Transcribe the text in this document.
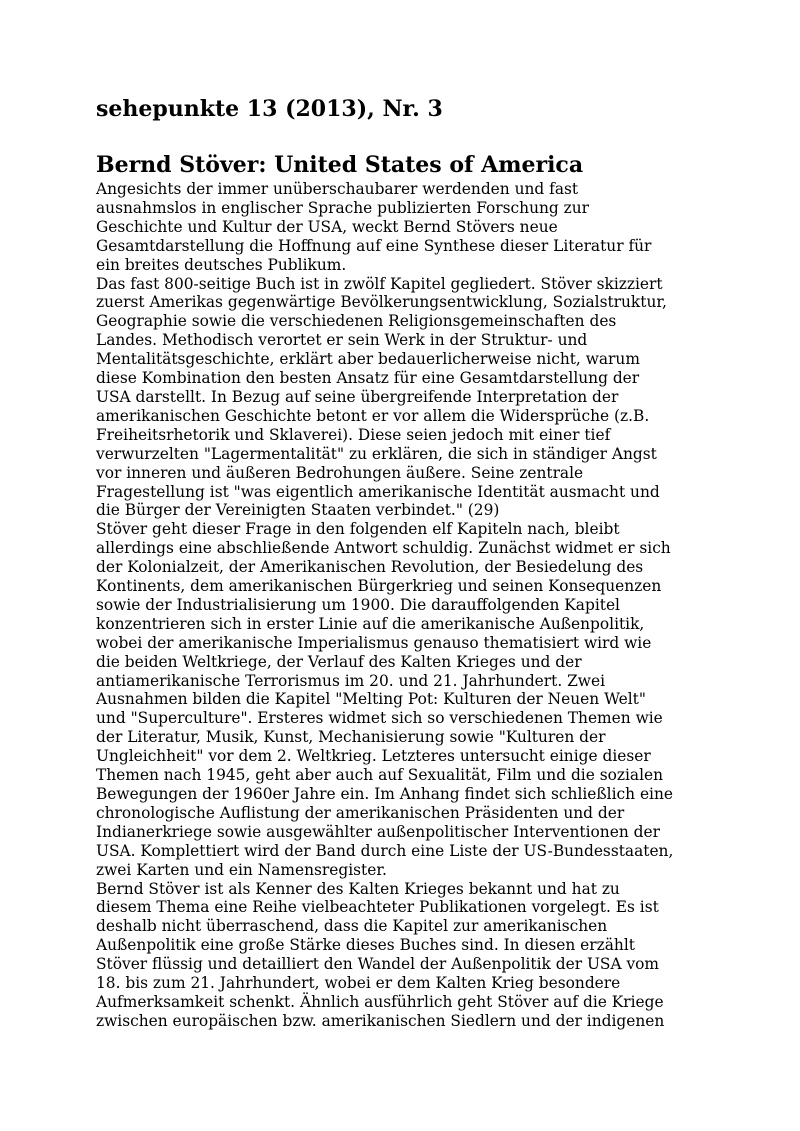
sehepunkte 13 (2013), Nr. 3
Bernd Stöver: United States of America

Angesichts der immer unüberschaubarer werdenden und fast
ausnahmslos in englischer Sprache publizierten Forschung zur
Geschichte und Kultur der USA, weckt Bernd Stövers neue
Gesamtdarstellung die Hoffnung auf eine Synthese dieser Literatur für
ein breites deutsches Publikum.

Das fast 800-seitige Buch ist in zwölf Kapitel gegliedert. Stöver skizziert
zuerst Amerikas gegenwärtige Bevölkerungsentwicklung, Sozialstruktur,
Geographie sowie die verschiedenen Religionsgemeinschaften des
Landes. Methodisch verortet er sein Werk in der Struktur- und
Mentalitätsgeschichte, erklärt aber bedauerlicherweise nicht, warum
diese Kombination den besten Ansatz für eine Gesamtdarstellung der
USA darstellt. In Bezug auf seine übergreifende Interpretation der
amerikanischen Geschichte betont er vor allem die Widersprüche (z.B.
Freiheitsrhetorik und Sklaverei). Diese seien jedoch mit einer tief
verwurzelten "Lagermentalität" zu erklären, die sich in ständiger Angst
vor inneren und äußeren Bedrohungen äußere. Seine zentrale
Fragestellung ist "was eigentlich amerikanische Identität ausmacht und
die Bürger der Vereinigten Staaten verbindet." (29)

Stöver geht dieser Frage in den folgenden elf Kapiteln nach, bleibt
allerdings eine abschließende Antwort schuldig. Zunächst widmet er sich
der Kolonialzeit, der Amerikanischen Revolution, der Besiedelung des
Kontinents, dem amerikanischen Bürgerkrieg und seinen Konsequenzen
sowie der Industrialisierung um 1900. Die darauffolgenden Kapitel
konzentrieren sich in erster Linie auf die amerikanische Außenpolitik,
wobei der amerikanische Imperialismus genauso thematisiert wird wie
die beiden Weltkriege, der Verlauf des Kalten Krieges und der
antiamerikanische Terrorismus im 20. und 21. Jahrhundert. Zwei
Ausnahmen bilden die Kapitel "Melting Pot: Kulturen der Neuen Welt"
und "Superculture". Ersteres widmet sich so verschiedenen Themen wie
der Literatur, Musik, Kunst, Mechanisierung sowie "Kulturen der
Ungleichheit" vor dem 2. Weltkrieg. Letzteres untersucht einige dieser
Themen nach 1945, geht aber auch auf Sexualität, Film und die sozialen
Bewegungen der 1960er Jahre ein. Im Anhang findet sich schließlich eine
chronologische Auflistung der amerikanischen Präsidenten und der
Indianerkriege sowie ausgewählter außenpolitischer Interventionen der
USA. Komplettiert wird der Band durch eine Liste der US-Bundesstaaten,
zwei Karten und ein Namensregister.

Bernd Stöver ist als Kenner des Kalten Krieges bekannt und hat zu
diesem Thema eine Reihe vielbeachteter Publikationen vorgelegt. Es ist
deshalb nicht überraschend, dass die Kapitel zur amerikanischen
Außenpolitik eine große Stärke dieses Buches sind. In diesen erzählt
Stöver flüssig und detailliert den Wandel der Außenpolitik der USA vom
18. bis zum 21. Jahrhundert, wobei er dem Kalten Krieg besondere
Aufmerksamkeit schenkt. Ähnlich ausführlich geht Stöver auf die Kriege
zwischen europäischen bzw. amerikanischen Siedlern und der indigenen
